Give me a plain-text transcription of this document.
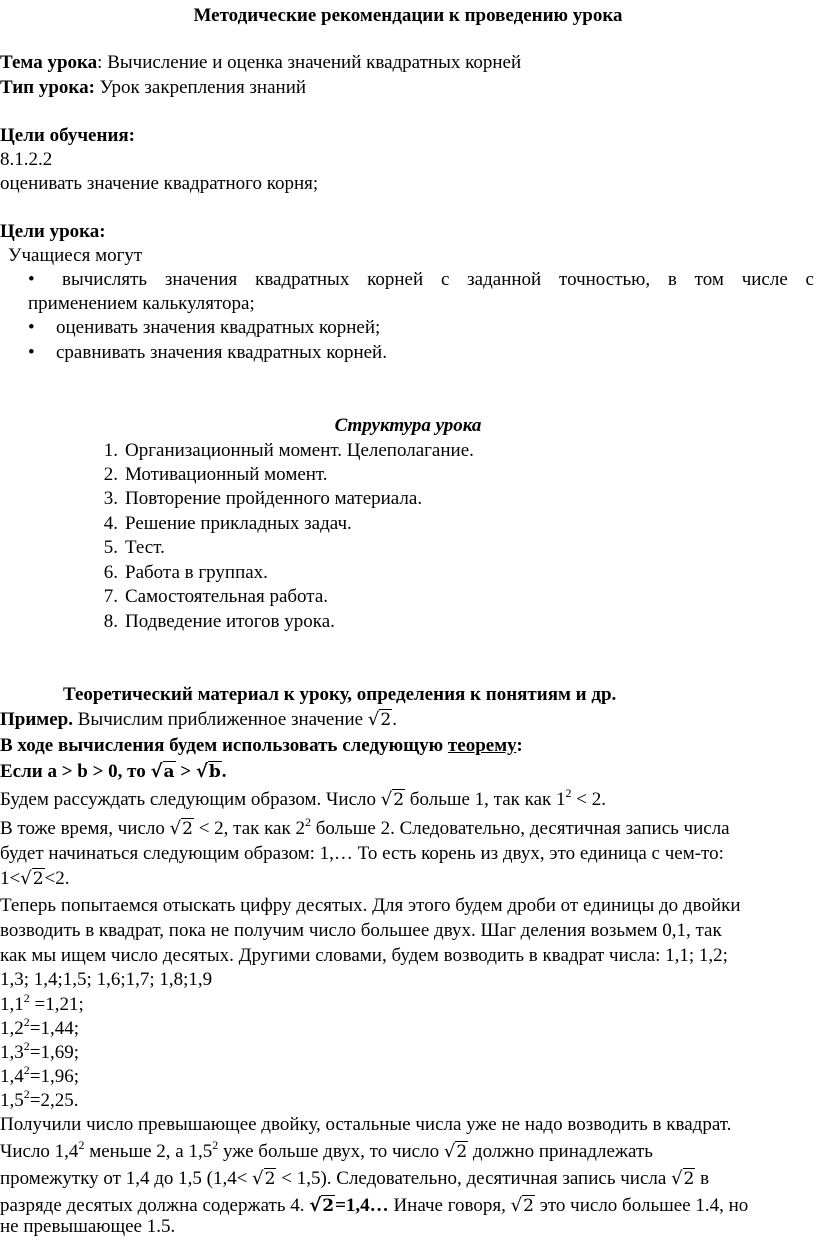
Методические рекомендации к проведению урока
Тема урока: Вычисление и оценка значений квадратных корней
Тип урока: Урок закрепления знаний
Цели обучения:
8.1.2.2
оценивать значение квадратного корня;
Цели урока:
Учащиеся могут
• вычислять значения квадратных корней с заданной точностью, в том числе с
применением калькулятора;
• оценивать значения квадратных корней;
• сравнивать значения квадратных корней.
Структура урока
1. Организационный момент. Целеполагание.
2. Мотивационный момент.
3. Повторение пройденного материала.
4. Решение прикладных задач.
5. Тест.
6. Работа в группах.
7. Самостоятельная работа.
8. Подведение итогов урока.
Теоретический материал к уроку, определения к понятиям и др.
Пример. Вычислим приближенное значение √2.
В ходе вычисления будем использовать следующую теорему:
Если a > b > 0, то √a > √b.
Будем рассуждать следующим образом. Число √2 больше 1, так как $1^2 < 2$.
В тоже время, число √2 < 2, так как $2^2$ больше 2. Следовательно, десятичная запись числа
будет начинаться следующим образом: 1,… То есть корень из двух, это единица с чем-то:
1<√2<2.
Теперь попытаемся отыскать цифру десятых. Для этого будем дроби от единицы до двойки
возводить в квадрат, пока не получим число большее двух. Шаг деления возьмем 0,1, так
как мы ищем число десятых. Другими словами, будем возводить в квадрат числа: 1,1; 1,2;
1,3; 1,4;1,5; 1,6;1,7; 1,8;1,9
$1,1^2 =1,21$;
$1,2^2=1,44$;
$1,3^2=1,69$;
$1,4^2=1,96$;
$1,5^2=2,25$.
Получили число превышающее двойку, остальные числа уже не надо возводить в квадрат.
Число $1,4^2$ меньше 2, а $1,5^2$ уже больше двух, то число √2 должно принадлежать
промежутку от 1,4 до 1,5 (1,4< √2 < 1,5). Следовательно, десятичная запись числа √2 в
разряде десятых должна содержать 4. √2=1,4… Иначе говоря, √2 это число большее 1.4, но
не превышающее 1.5.
